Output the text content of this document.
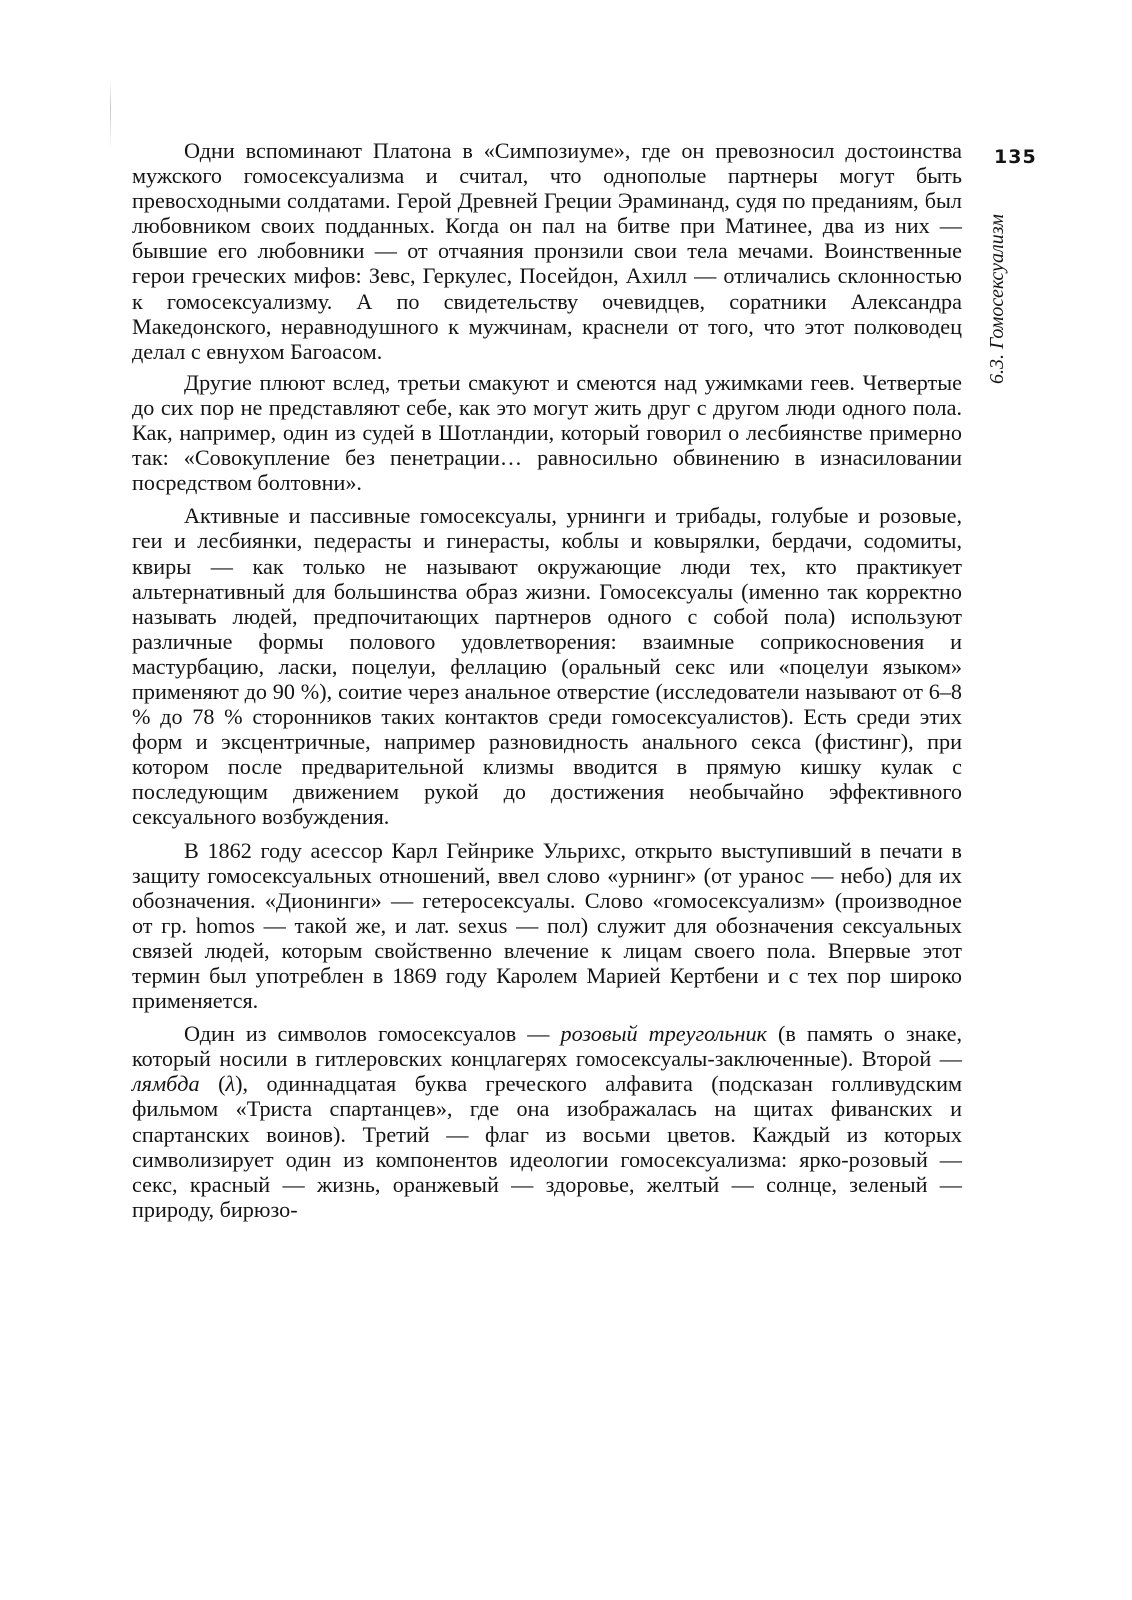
135
6.3. Гомосексуализм

Одни вспоминают Платона в «Симпозиуме», где он превозносил достоинства мужского гомосексуализма и считал, что однополые партнеры могут быть превосходными солдатами. Герой Древней Греции Эраминанд, судя по преданиям, был любовником своих подданных. Когда он пал на битве при Матинее, два из них — бывшие его любовники — от отчаяния пронзили свои тела мечами. Воинственные герои греческих мифов: Зевс, Геркулес, Посейдон, Ахилл — отличались склонностью к гомосексуализму. А по свидетельству очевидцев, соратники Александра Македонского, неравнодушного к мужчинам, краснели от того, что этот полководец делал с евнухом Багоасом.

Другие плюют вслед, третьи смакуют и смеются над ужимками геев. Четвертые до сих пор не представляют себе, как это могут жить друг с другом люди одного пола. Как, например, один из судей в Шотландии, который говорил о лесбиянстве примерно так: «Совокупление без пенетрации… равносильно обвинению в изнасиловании посредством болтовни».

Активные и пассивные гомосексуалы, урнинги и трибады, голубые и розовые, геи и лесбиянки, педерасты и гинерасты, коблы и ковырялки, бердачи, содомиты, квиры — как только не называют окружающие люди тех, кто практикует альтернативный для большинства образ жизни. Гомосексуалы (именно так корректно называть людей, предпочитающих партнеров одного с собой пола) используют различные формы полового удовлетворения: взаимные соприкосновения и мастурбацию, ласки, поцелуи, феллацию (оральный секс или «поцелуи языком» применяют до 90 %), соитие через анальное отверстие (исследователи называют от 6–8 % до 78 % сторонников таких контактов среди гомосексуалистов). Есть среди этих форм и эксцентричные, например разновидность анального секса (фистинг), при котором после предварительной клизмы вводится в прямую кишку кулак с последующим движением рукой до достижения необычайно эффективного сексуального возбуждения.

В 1862 году асессор Карл Гейнрике Ульрихс, открыто выступивший в печати в защиту гомосексуальных отношений, ввел слово «урнинг» (от уранос — небо) для их обозначения. «Дионинги» — гетеросексуалы. Слово «гомосексуализм» (производное от гр. homos — такой же, и лат. sexus — пол) служит для обозначения сексуальных связей людей, которым свойственно влечение к лицам своего пола. Впервые этот термин был употреблен в 1869 году Каролем Марией Кертбени и с тех пор широко применяется.

Один из символов гомосексуалов — розовый треугольник (в память о знаке, который носили в гитлеровских концлагерях гомосексуалы-заключенные). Второй — лямбда (λ), одиннадцатая буква греческого алфавита (подсказан голливудским фильмом «Триста спартанцев», где она изображалась на щитах фиванских и спартанских воинов). Третий — флаг из восьми цветов. Каждый из которых символизирует один из компонентов идеологии гомосексуализма: ярко-розовый — секс, красный — жизнь, оранжевый — здоровье, желтый — солнце, зеленый — природу, бирюзо-
